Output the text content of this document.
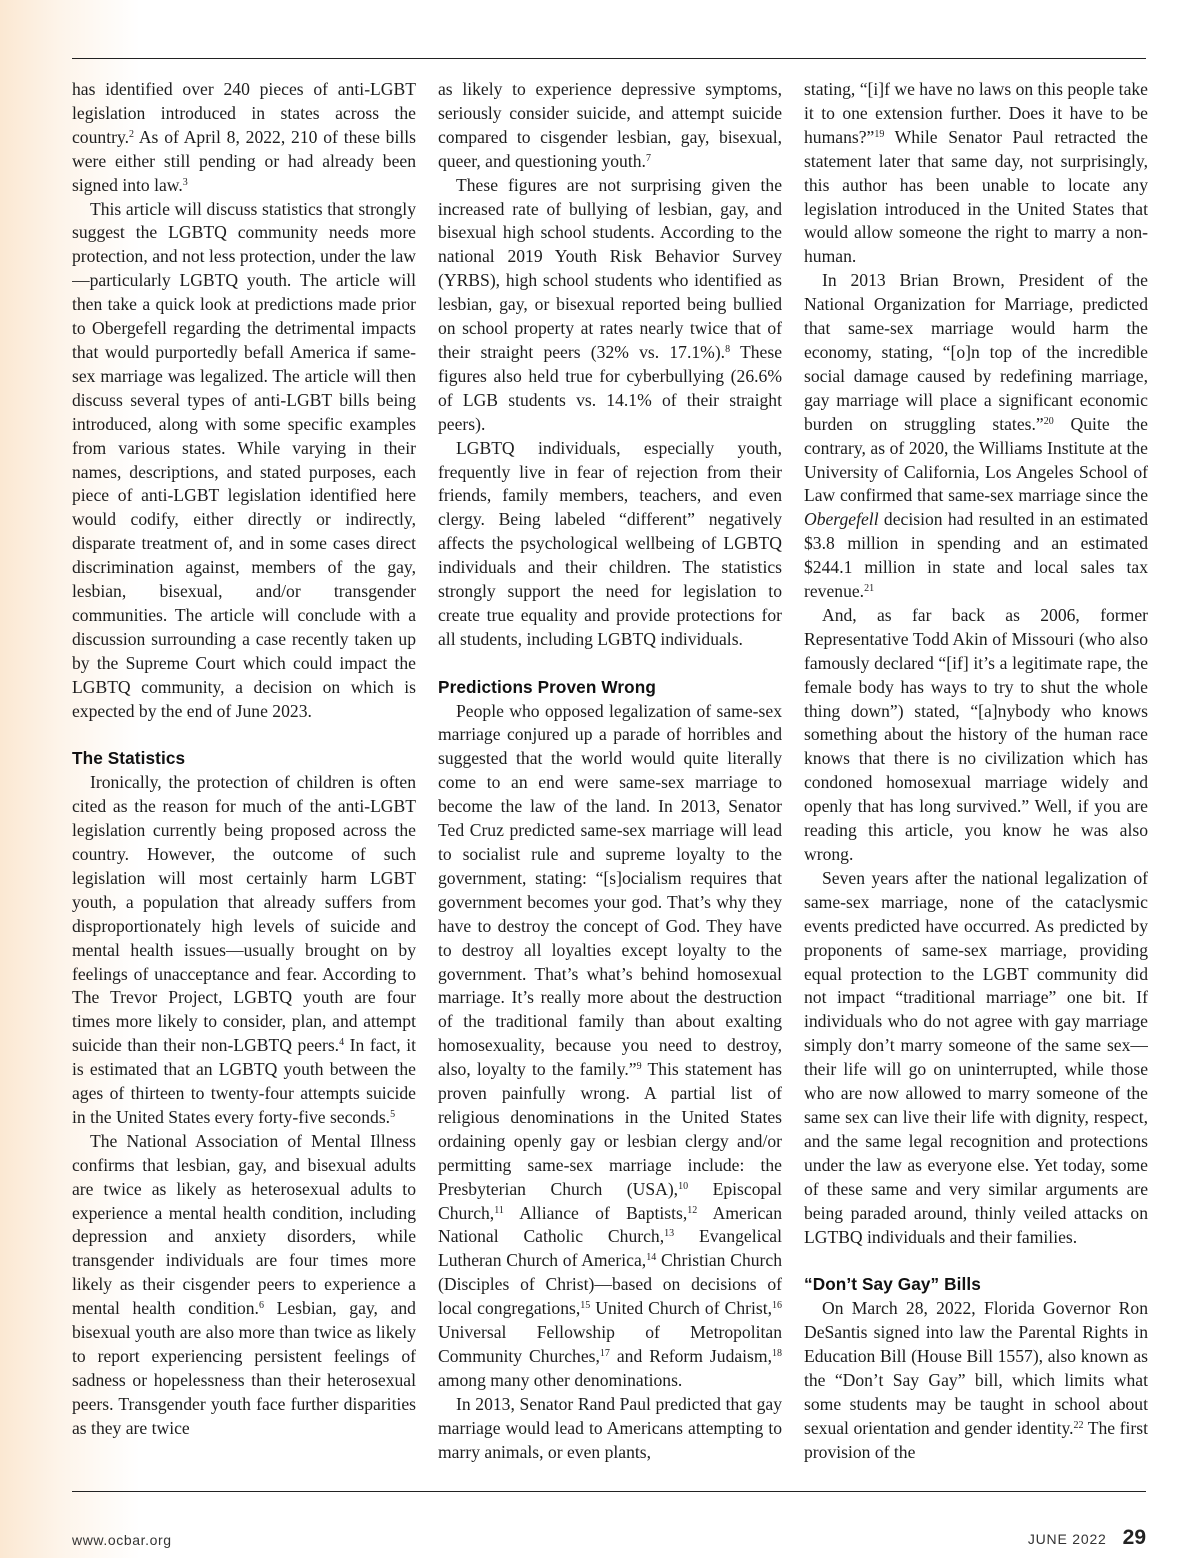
has identified over 240 pieces of anti-LGBT legislation introduced in states across the country.$^2$ As of April 8, 2022, 210 of these bills were either still pending or had already been signed into law.$^3$

This article will discuss statistics that strongly suggest the LGBTQ community needs more protection, and not less protection, under the law—particularly LGBTQ youth. The article will then take a quick look at predictions made prior to Obergefell regarding the detrimental impacts that would purportedly befall America if same-sex marriage was legalized. The article will then discuss several types of anti-LGBT bills being introduced, along with some specific examples from various states. While varying in their names, descriptions, and stated purposes, each piece of anti-LGBT legislation identified here would codify, either directly or indirectly, disparate treatment of, and in some cases direct discrimination against, members of the gay, lesbian, bisexual, and/or transgender communities. The article will conclude with a discussion surrounding a case recently taken up by the Supreme Court which could impact the LGBTQ community, a decision on which is expected by the end of June 2023.

The Statistics

Ironically, the protection of children is often cited as the reason for much of the anti-LGBT legislation currently being proposed across the country. However, the outcome of such legislation will most certainly harm LGBT youth, a population that already suffers from disproportionately high levels of suicide and mental health issues—usually brought on by feelings of unacceptance and fear. According to The Trevor Project, LGBTQ youth are four times more likely to consider, plan, and attempt suicide than their non-LGBTQ peers.$^4$ In fact, it is estimated that an LGBTQ youth between the ages of thirteen to twenty-four attempts suicide in the United States every forty-five seconds.$^5$

The National Association of Mental Illness confirms that lesbian, gay, and bisexual adults are twice as likely as heterosexual adults to experience a mental health condition, including depression and anxiety disorders, while transgender individuals are four times more likely as their cisgender peers to experience a mental health condition.$^6$ Lesbian, gay, and bisexual youth are also more than twice as likely to report experiencing persistent feelings of sadness or hopelessness than their heterosexual peers. Transgender youth face further disparities as they are twice

as likely to experience depressive symptoms, seriously consider suicide, and attempt suicide compared to cisgender lesbian, gay, bisexual, queer, and questioning youth.$^7$

These figures are not surprising given the increased rate of bullying of lesbian, gay, and bisexual high school students. According to the national 2019 Youth Risk Behavior Survey (YRBS), high school students who identified as lesbian, gay, or bisexual reported being bullied on school property at rates nearly twice that of their straight peers (32% vs. 17.1%).$^8$ These figures also held true for cyberbullying (26.6% of LGB students vs. 14.1% of their straight peers).

LGBTQ individuals, especially youth, frequently live in fear of rejection from their friends, family members, teachers, and even clergy. Being labeled “different” negatively affects the psychological wellbeing of LGBTQ individuals and their children. The statistics strongly support the need for legislation to create true equality and provide protections for all students, including LGBTQ individuals.

Predictions Proven Wrong

People who opposed legalization of same-sex marriage conjured up a parade of horribles and suggested that the world would quite literally come to an end were same-sex marriage to become the law of the land. In 2013, Senator Ted Cruz predicted same-sex marriage will lead to socialist rule and supreme loyalty to the government, stating: “[s]ocialism requires that government becomes your god. That’s why they have to destroy the concept of God. They have to destroy all loyalties except loyalty to the government. That’s what’s behind homosexual marriage. It’s really more about the destruction of the traditional family than about exalting homosexuality, because you need to destroy, also, loyalty to the family.”$^9$ This statement has proven painfully wrong. A partial list of religious denominations in the United States ordaining openly gay or lesbian clergy and/or permitting same-sex marriage include: the Presbyterian Church (USA),$^{10}$ Episcopal Church,$^{11}$ Alliance of Baptists,$^{12}$ American National Catholic Church,$^{13}$ Evangelical Lutheran Church of America,$^{14}$ Christian Church (Disciples of Christ)—based on decisions of local congregations,$^{15}$ United Church of Christ,$^{16}$ Universal Fellowship of Metropolitan Community Churches,$^{17}$ and Reform Judaism,$^{18}$ among many other denominations.

In 2013, Senator Rand Paul predicted that gay marriage would lead to Americans attempting to marry animals, or even plants,

stating, “[i]f we have no laws on this people take it to one extension further. Does it have to be humans?”$^{19}$ While Senator Paul retracted the statement later that same day, not surprisingly, this author has been unable to locate any legislation introduced in the United States that would allow someone the right to marry a non-human.

In 2013 Brian Brown, President of the National Organization for Marriage, predicted that same-sex marriage would harm the economy, stating, “[o]n top of the incredible social damage caused by redefining marriage, gay marriage will place a significant economic burden on struggling states.”$^{20}$ Quite the contrary, as of 2020, the Williams Institute at the University of California, Los Angeles School of Law confirmed that same-sex marriage since the Obergefell decision had resulted in an estimated $3.8 million in spending and an estimated $244.1 million in state and local sales tax revenue.$^{21}$

And, as far back as 2006, former Representative Todd Akin of Missouri (who also famously declared “[if] it’s a legitimate rape, the female body has ways to try to shut the whole thing down”) stated, “[a]nybody who knows something about the history of the human race knows that there is no civilization which has condoned homosexual marriage widely and openly that has long survived.” Well, if you are reading this article, you know he was also wrong.

Seven years after the national legalization of same-sex marriage, none of the cataclysmic events predicted have occurred. As predicted by proponents of same-sex marriage, providing equal protection to the LGBT community did not impact “traditional marriage” one bit. If individuals who do not agree with gay marriage simply don’t marry someone of the same sex—their life will go on uninterrupted, while those who are now allowed to marry someone of the same sex can live their life with dignity, respect, and the same legal recognition and protections under the law as everyone else. Yet today, some of these same and very similar arguments are being paraded around, thinly veiled attacks on LGTBQ individuals and their families.

“Don’t Say Gay” Bills

On March 28, 2022, Florida Governor Ron DeSantis signed into law the Parental Rights in Education Bill (House Bill 1557), also known as the “Don’t Say Gay” bill, which limits what some students may be taught in school about sexual orientation and gender identity.$^{22}$ The first provision of the

www.ocbar.org	JUNE 2022 29
